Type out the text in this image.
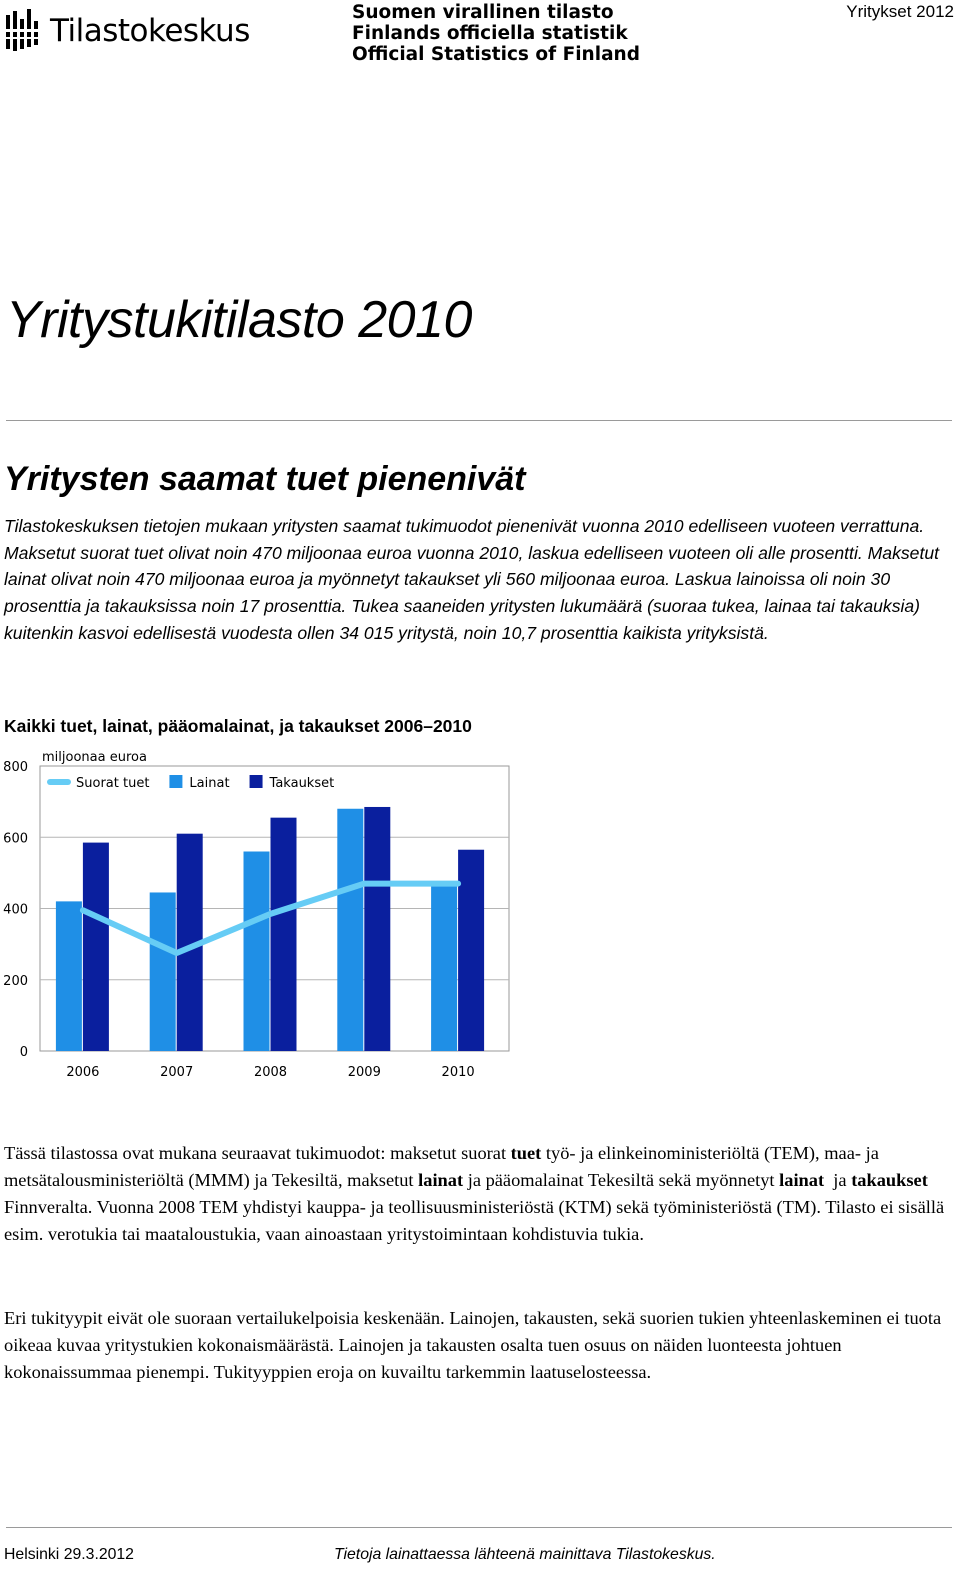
Tilastokeskus
Suomen virallinen tilasto
Finlands officiella statistik
Official Statistics of Finland
Yritykset 2012
Yritystukitilasto 2010
Yritysten saamat tuet pienenivät

Tilastokeskuksen tietojen mukaan yritysten saamat tukimuodot pienenivät vuonna 2010 edelliseen vuoteen verrattuna. Maksetut suorat tuet olivat noin 470 miljoonaa euroa vuonna 2010, laskua edelliseen vuoteen oli alle prosentti. Maksetut lainat olivat noin 470 miljoonaa euroa ja myönnetyt takaukset yli 560 miljoonaa euroa. Laskua lainoissa oli noin 30 prosenttia ja takauksissa noin 17 prosenttia. Tukea saaneiden yritysten lukumäärä (suoraa tukea, lainaa tai takauksia) kuitenkin kasvoi edellisestä vuodesta ollen 34 015 yritystä, noin 10,7 prosenttia kaikista yrityksistä.

Kaikki tuet, lainat, pääomalainat, ja takaukset 2006–2010
0
200
400
600
800
miljoonaa euroa
2006	2007	2008	2009	2010
Suorat tuet	Lainat	Takaukset

Tässä tilastossa ovat mukana seuraavat tukimuodot: maksetut suorat tuet työ- ja elinkeinoministeriöltä (TEM), maa- ja metsätalousministeriöltä (MMM) ja Tekesiltä, maksetut lainat ja pääomalainat Tekesiltä sekä myönnetyt lainat  ja takaukset Finnveralta. Vuonna 2008 TEM yhdistyi kauppa- ja teollisuusministeriöstä (KTM) sekä työministeriöstä (TM). Tilasto ei sisällä esim. verotukia tai maataloustukia, vaan ainoastaan yritystoimintaan kohdistuvia tukia.

Eri tukityypit eivät ole suoraan vertailukelpoisia keskenään. Lainojen, takausten, sekä suorien tukien yhteenlaskeminen ei tuota oikeaa kuvaa yritystukien kokonaismäärästä. Lainojen ja takausten osalta tuen osuus on näiden luonteesta johtuen kokonaissummaa pienempi. Tukityyppien eroja on kuvailtu tarkemmin laatuselosteessa.

Helsinki 29.3.2012	Tietoja lainattaessa lähteenä mainittava Tilastokeskus.
